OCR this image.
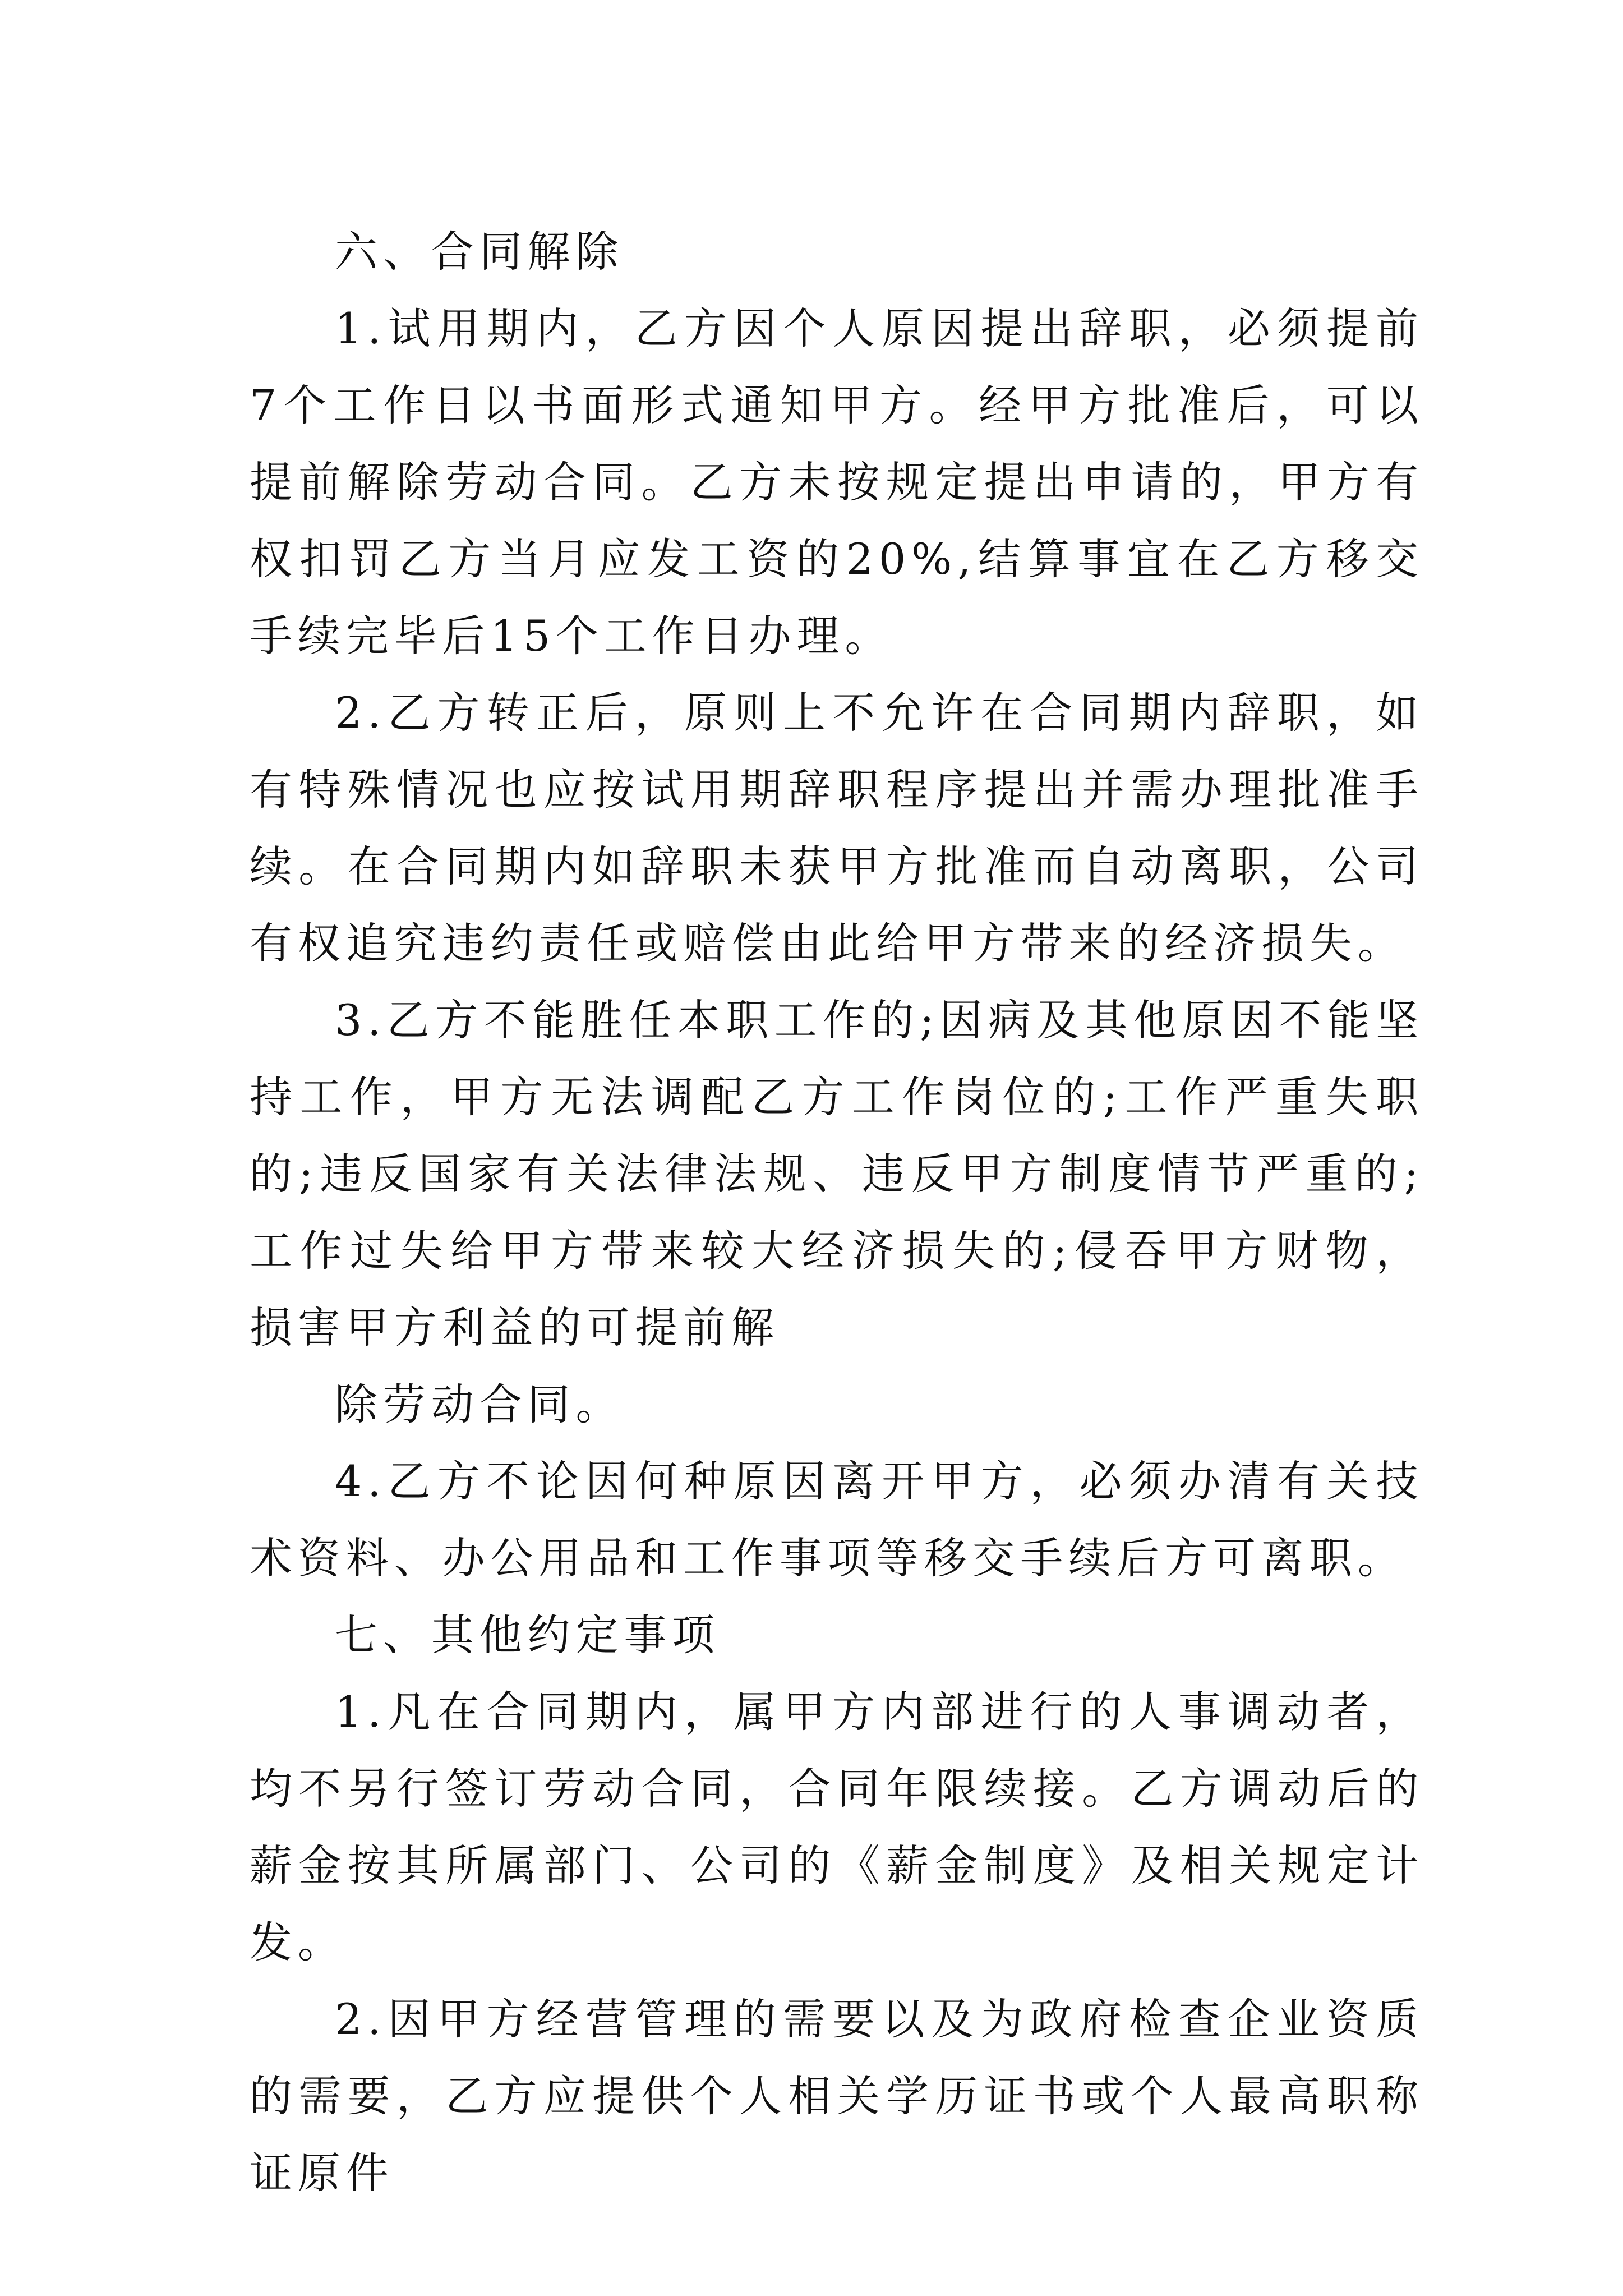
六、合同解除

1.试用期内，乙方因个人原因提出辞职，必须提前7个工作日以书面形式通知甲方。经甲方批准后，可以提前解除劳动合同。乙方未按规定提出申请的，甲方有权扣罚乙方当月应发工资的20%,结算事宜在乙方移交手续完毕后15个工作日办理。

2.乙方转正后，原则上不允许在合同期内辞职，如有特殊情况也应按试用期辞职程序提出并需办理批准手续。在合同期内如辞职未获甲方批准而自动离职，公司有权追究违约责任或赔偿由此给甲方带来的经济损失。

3.乙方不能胜任本职工作的;因病及其他原因不能坚持工作，甲方无法调配乙方工作岗位的;工作严重失职的;违反国家有关法律法规、违反甲方制度情节严重的;工作过失给甲方带来较大经济损失的;侵吞甲方财物，损害甲方利益的可提前解

除劳动合同。

4.乙方不论因何种原因离开甲方，必须办清有关技术资料、办公用品和工作事项等移交手续后方可离职。

七、其他约定事项

1.凡在合同期内，属甲方内部进行的人事调动者，均不另行签订劳动合同，合同年限续接。乙方调动后的薪金按其所属部门、公司的《薪金制度》及相关规定计发。

2.因甲方经营管理的需要以及为政府检查企业资质的需要，乙方应提供个人相关学历证书或个人最高职称证原件
